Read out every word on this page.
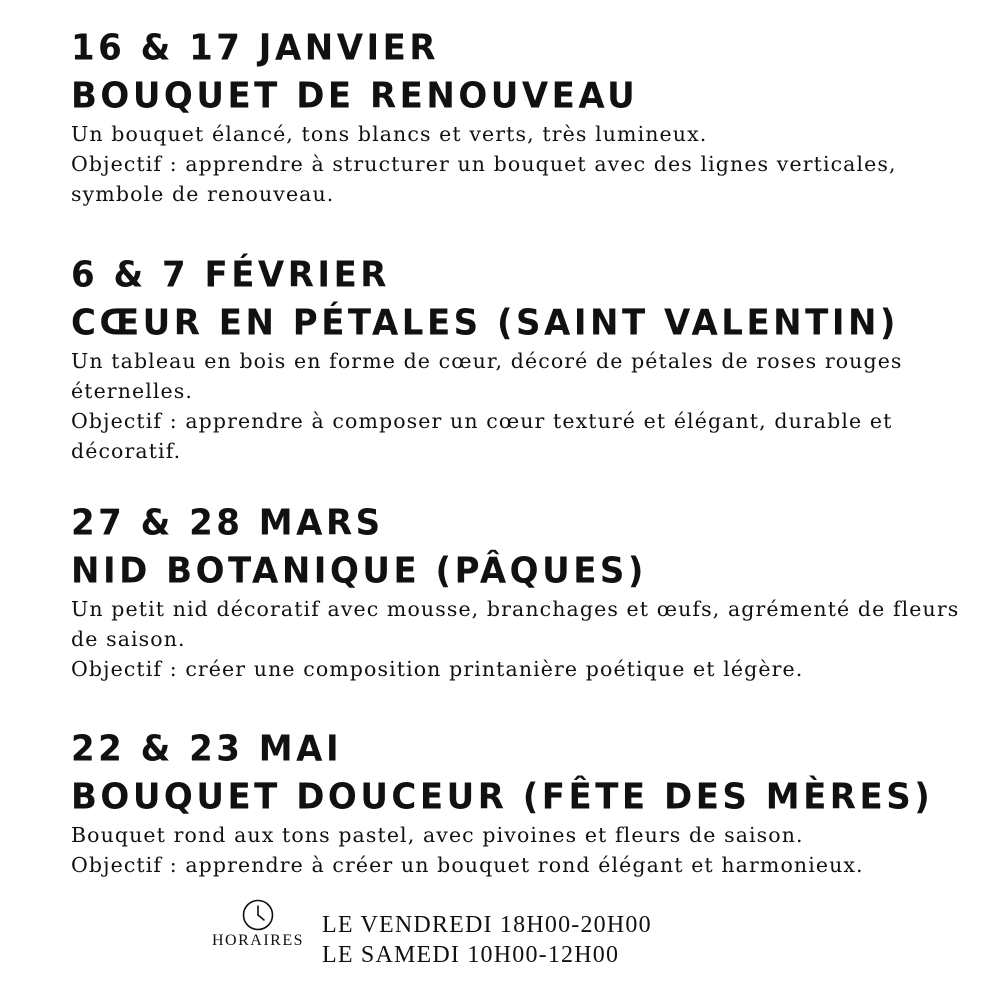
16 & 17 JANVIER
BOUQUET DE RENOUVEAU

Un bouquet élancé, tons blancs et verts, très lumineux.

Objectif : apprendre à structurer un bouquet avec des lignes verticales, symbole de renouveau.

6 & 7 FÉVRIER
CŒUR EN PÉTALES (SAINT VALENTIN)

Un tableau en bois en forme de cœur, décoré de pétales de roses rouges éternelles.

Objectif : apprendre à composer un cœur texturé et élégant, durable et décoratif.

27 & 28 MARS
NID BOTANIQUE (PÂQUES)

Un petit nid décoratif avec mousse, branchages et œufs, agrémenté de fleurs de saison.

Objectif : créer une composition printanière poétique et légère.

22 & 23 MAI
BOUQUET DOUCEUR (FÊTE DES MÈRES)

Bouquet rond aux tons pastel, avec pivoines et fleurs de saison.

Objectif : apprendre à créer un bouquet rond élégant et harmonieux.

HORAIRES
LE VENDREDI 18H00-20H00
LE SAMEDI 10H00-12H00
